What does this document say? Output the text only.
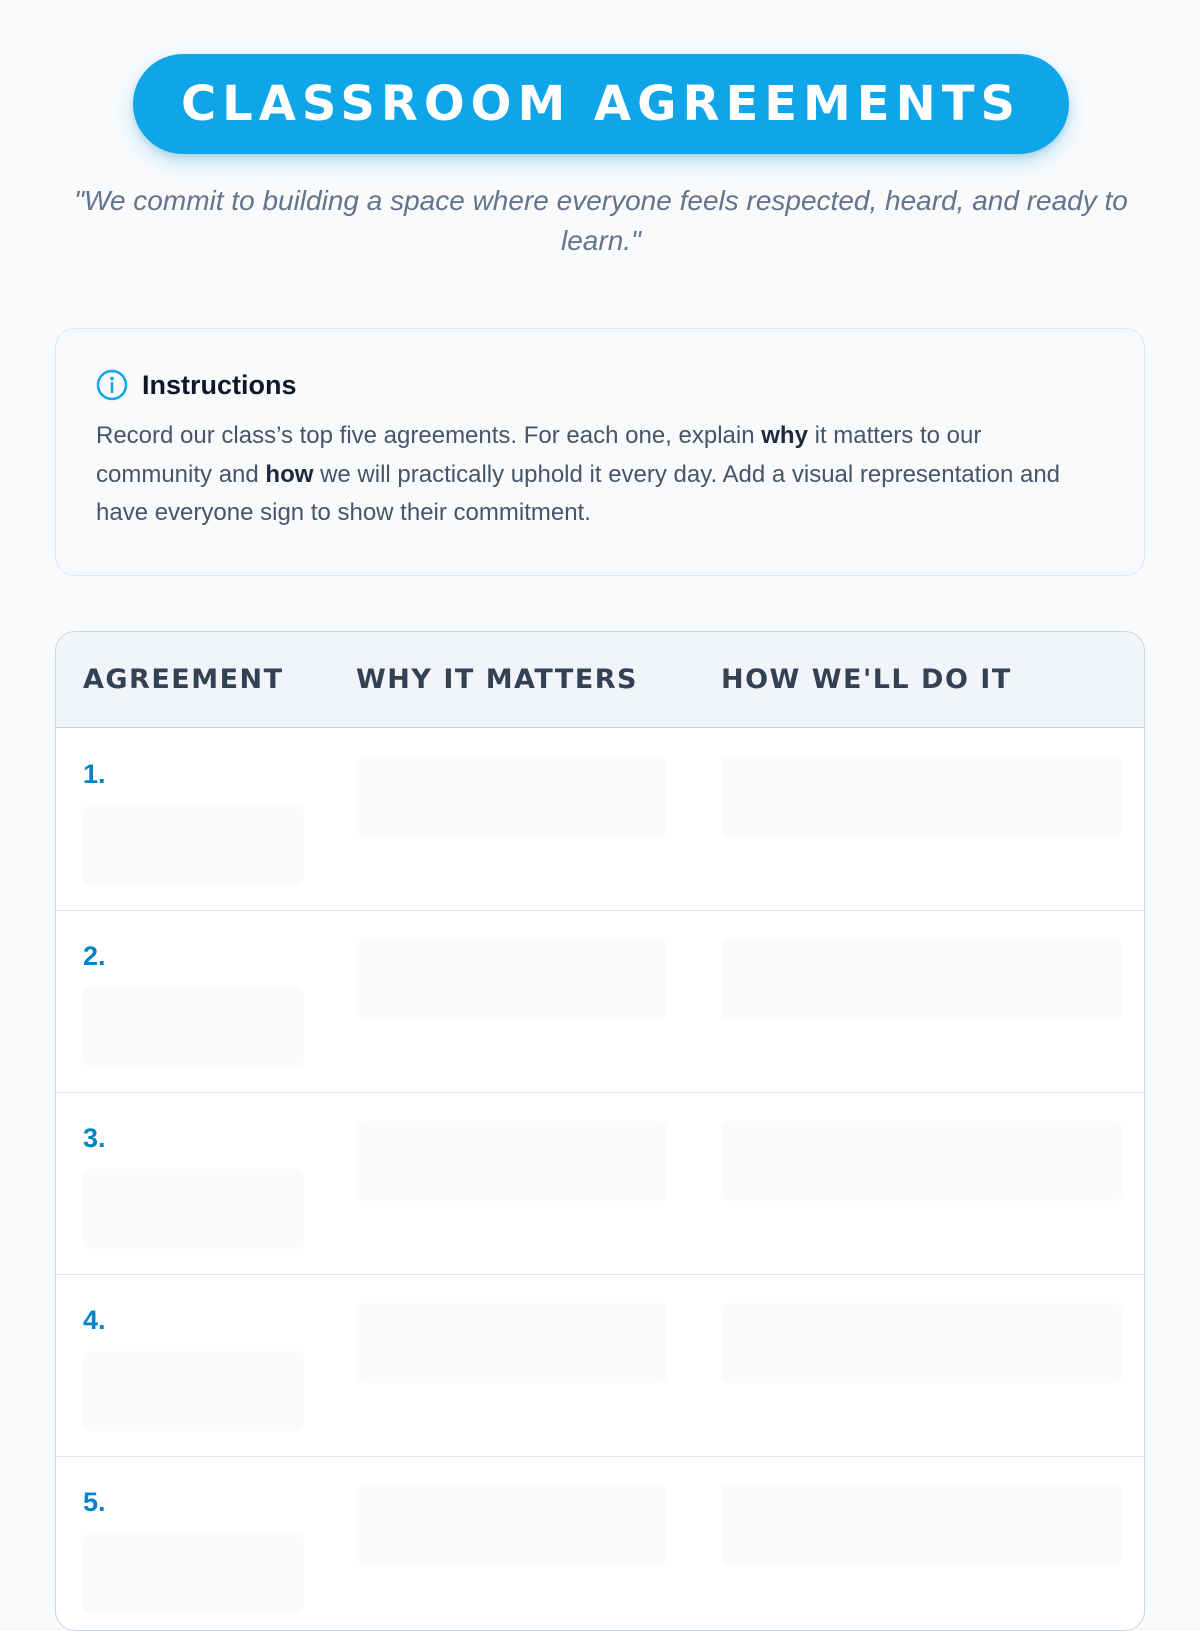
CLASSROOM AGREEMENTS
"We commit to building a space where everyone feels respected, heard, and ready to learn."
Instructions
Record our class’s top five agreements. For each one, explain why it matters to our community and how we will practically uphold it every day. Add a visual representation and have everyone sign to show their commitment.
AGREEMENT	WHY IT MATTERS	HOW WE'LL DO IT
1.
2.
3.
4.
5.
